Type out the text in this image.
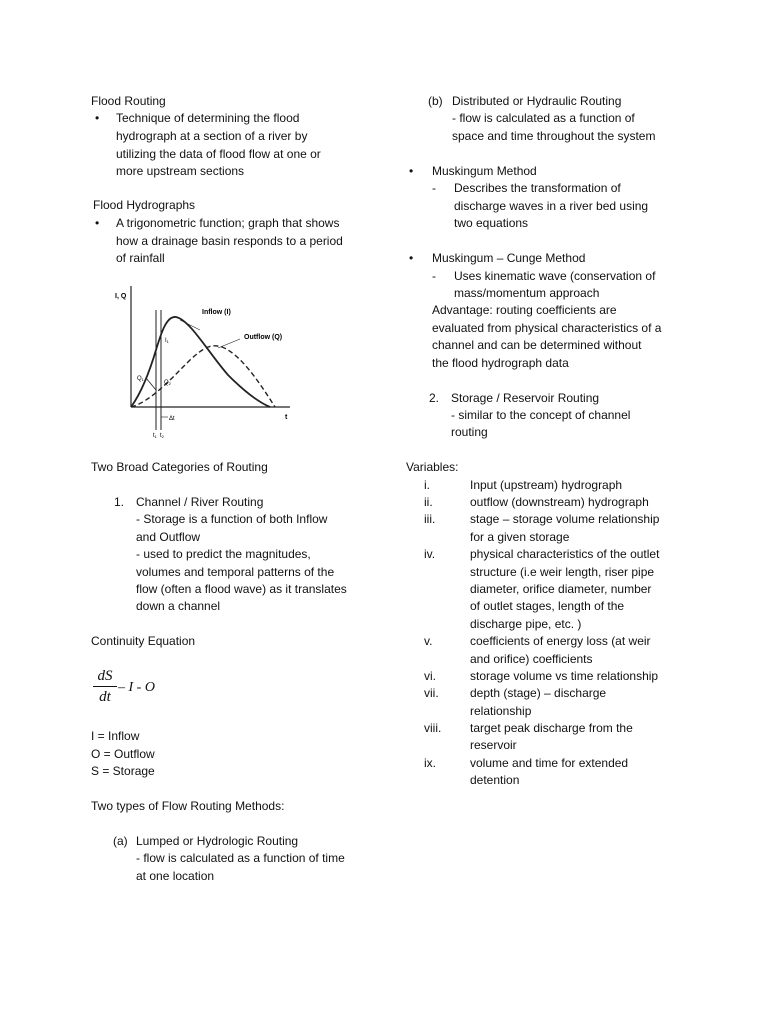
Flood Routing
• Technique of determining the flood
hydrograph at a section of a river by
utilizing the data of flood flow at one or
more upstream sections
Flood Hydrographs
• A trigonometric function; graph that shows
how a drainage basin responds to a period
of rainfall
I, Q
t
Inflow (I)
Outflow (Q)
I1
Q1
Q2
Δt
t1 t2
Two Broad Categories of Routing
1. Channel / River Routing
- Storage is a function of both Inflow
and Outflow
- used to predict the magnitudes,
volumes and temporal patterns of the
flow (often a flood wave) as it translates
down a channel
Continuity Equation
dS
dt
– I - O
I = Inflow
O = Outflow
S = Storage
Two types of Flow Routing Methods:
(a) Lumped or Hydrologic Routing
- flow is calculated as a function of time
at one location
(b) Distributed or Hydraulic Routing
- flow is calculated as a function of
space and time throughout the system
• Muskingum Method
- Describes the transformation of
discharge waves in a river bed using
two equations
• Muskingum – Cunge Method
- Uses kinematic wave (conservation of
mass/momentum approach
Advantage: routing coefficients are
evaluated from physical characteristics of a
channel and can be determined without
the flood hydrograph data
2. Storage / Reservoir Routing
- similar to the concept of channel
routing
Variables:
i.	Input (upstream) hydrograph
ii.	outflow (downstream) hydrograph
iii.	stage – storage volume relationship
for a given storage
iv.	physical characteristics of the outlet
structure (i.e weir length, riser pipe
diameter, orifice diameter, number
of outlet stages, length of the
discharge pipe, etc. )
v.	coefficients of energy loss (at weir
and orifice) coefficients
vi.	storage volume vs time relationship
vii.	depth (stage) – discharge
relationship
viii. target peak discharge from the
reservoir
ix.	volume and time for extended
detention
